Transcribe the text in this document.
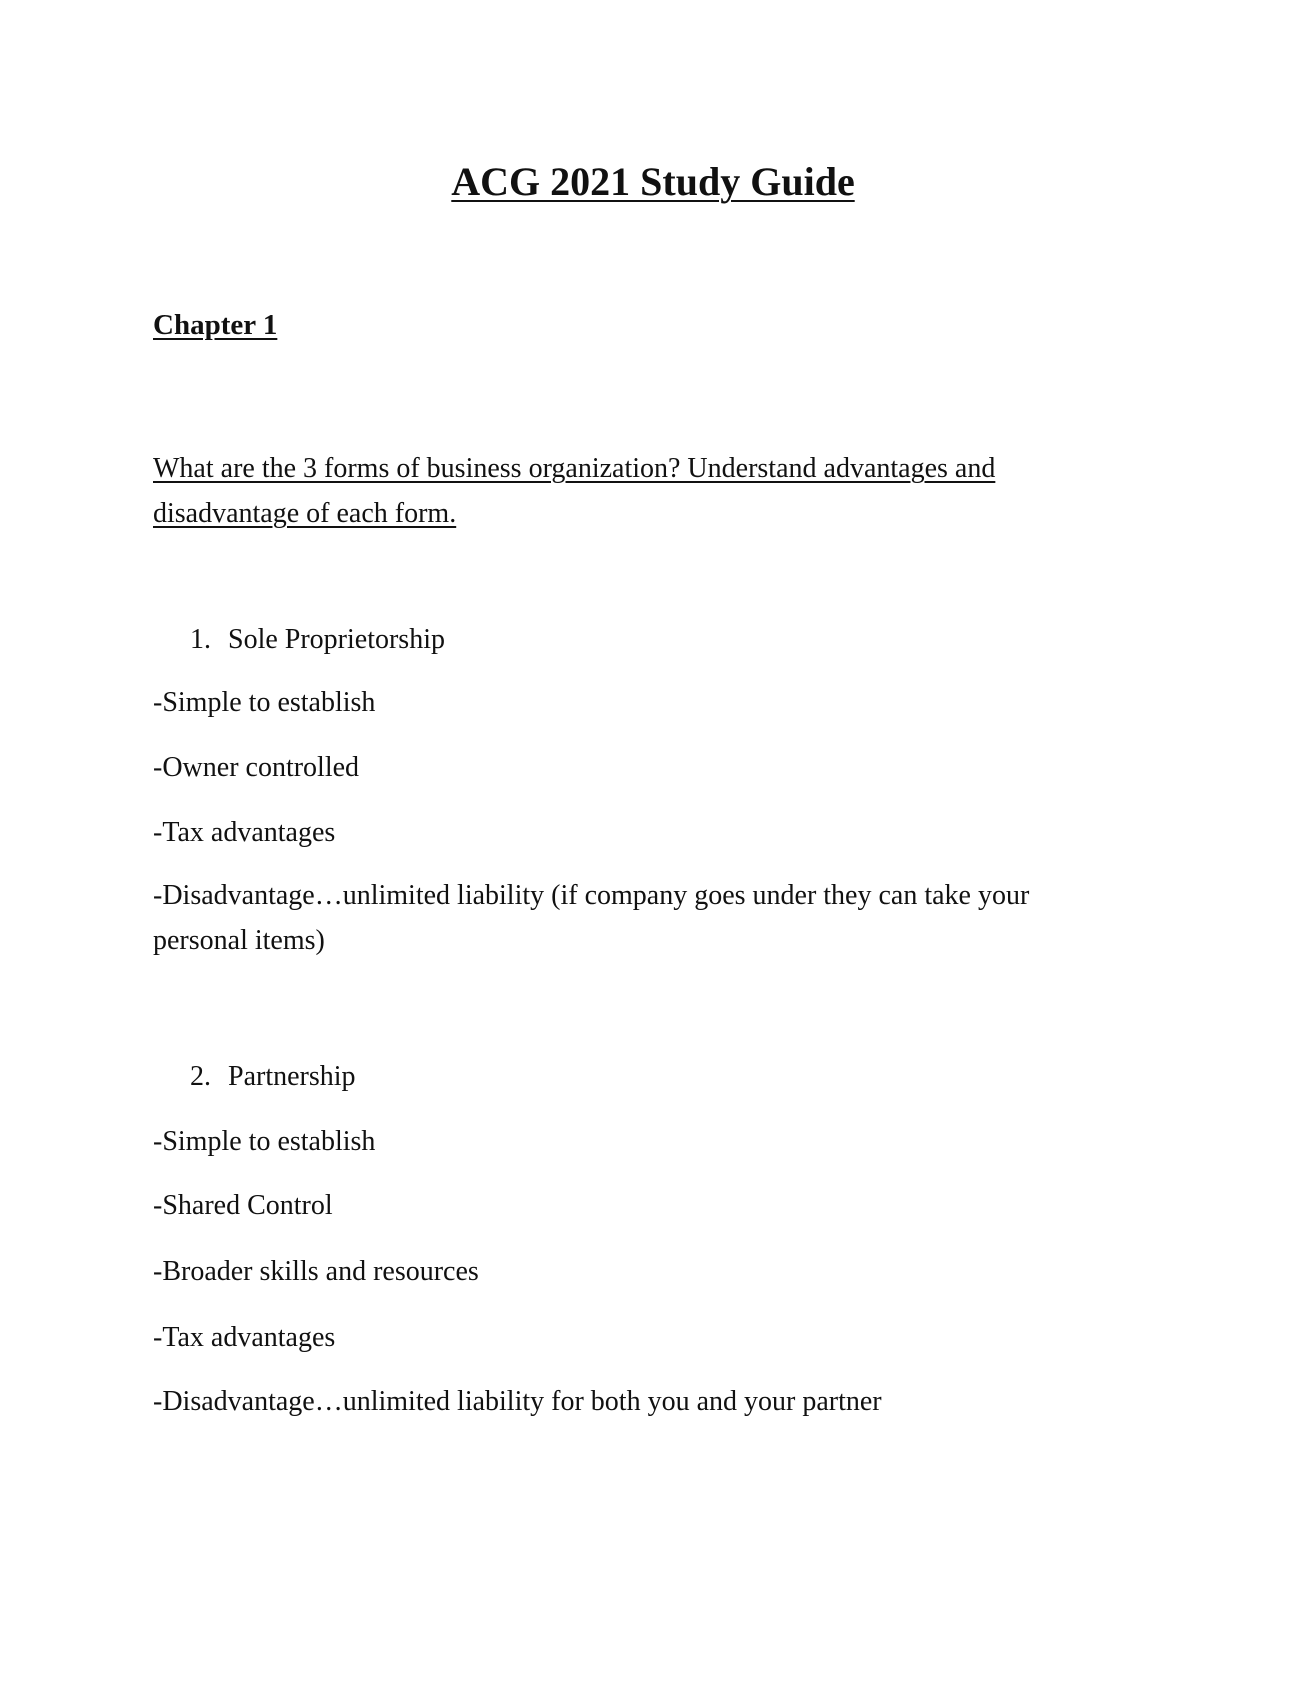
ACG 2021 Study Guide
Chapter 1

What are the 3 forms of business organization? Understand advantages and disadvantage of each form.

1. Sole Proprietorship

-Simple to establish

-Owner controlled

-Tax advantages

-Disadvantage…unlimited liability (if company goes under they can take your personal items)

2. Partnership

-Simple to establish

-Shared Control

-Broader skills and resources

-Tax advantages

-Disadvantage…unlimited liability for both you and your partner
